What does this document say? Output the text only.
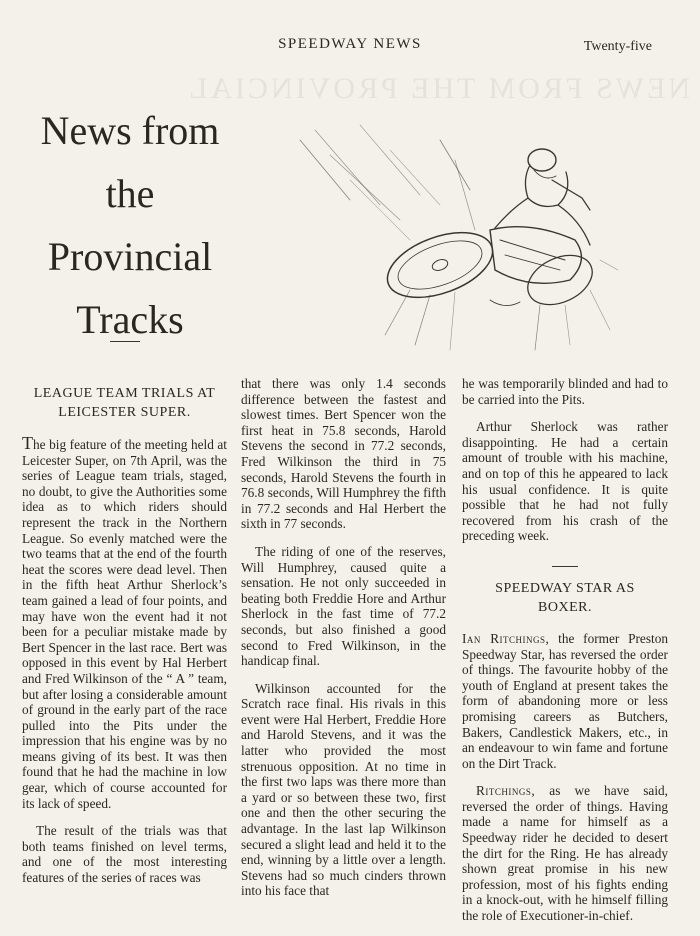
SPEEDWAY NEWS	Twenty-five
NEWS FROM THE PROVINCIAL
News from
the
Provincial
Tracks
LEAGUE TEAM TRIALS AT
LEICESTER SUPER.

The big feature of the meeting held at Leicester Super, on 7th April, was the series of League team trials, staged, no doubt, to give the Authorities some idea as to which riders should represent the track in the Northern League. So evenly matched were the two teams that at the end of the fourth heat the scores were dead level. Then in the fifth heat Arthur Sherlock’s team gained a lead of four points, and may have won the event had it not been for a peculiar mistake made by Bert Spencer in the last race. Bert was opposed in this event by Hal Herbert and Fred Wilkinson of the “ A ” team, but after losing a considerable amount of ground in the early part of the race pulled into the Pits under the impression that his engine was by no means giving of its best. It was then found that he had the machine in low gear, which of course accounted for its lack of speed.

The result of the trials was that both teams finished on level terms, and one of the most interesting features of the series of races was

that there was only 1.4 seconds difference between the fastest and slowest times. Bert Spencer won the first heat in 75.8 seconds, Harold Stevens the second in 77.2 seconds, Fred Wilkinson the third in 75 seconds, Harold Stevens the fourth in 76.8 seconds, Will Humphrey the fifth in 77.2 seconds and Hal Herbert the sixth in 77 seconds.

The riding of one of the reserves, Will Humphrey, caused quite a sensation. He not only succeeded in beating both Freddie Hore and Arthur Sherlock in the fast time of 77.2 seconds, but also finished a good second to Fred Wilkinson, in the handicap final.

Wilkinson accounted for the Scratch race final. His rivals in this event were Hal Herbert, Freddie Hore and Harold Stevens, and it was the latter who provided the most strenuous opposition. At no time in the first two laps was there more than a yard or so between these two, first one and then the other securing the advantage. In the last lap Wilkinson secured a slight lead and held it to the end, winning by a little over a length. Stevens had so much cinders thrown into his face that

he was temporarily blinded and had to be carried into the Pits.

Arthur Sherlock was rather disappointing. He had a certain amount of trouble with his machine, and on top of this he appeared to lack his usual confidence. It is quite possible that he had not fully recovered from his crash of the preceding week.

SPEEDWAY STAR AS
BOXER.

Ian Ritchings, the former Preston Speedway Star, has reversed the order of things. The favourite hobby of the youth of England at present takes the form of abandoning more or less promising careers as Butchers, Bakers, Candlestick Makers, etc., in an endeavour to win fame and fortune on the Dirt Track.

Ritchings, as we have said, reversed the order of things. Having made a name for himself as a Speedway rider he decided to desert the dirt for the Ring. He has already shown great promise in his new profession, most of his fights ending in a knock-out, with he himself filling the role of Executioner-in-chief.
